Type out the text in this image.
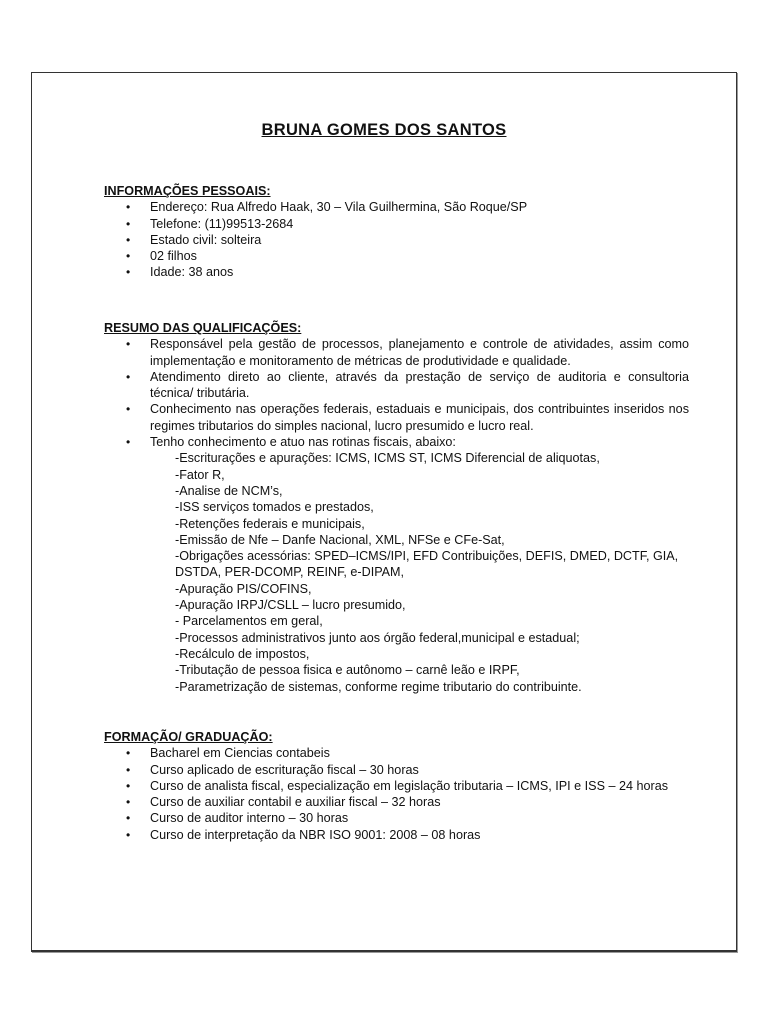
BRUNA GOMES DOS SANTOS

INFORMAÇÕES PESSOAIS:

• Endereço: Rua Alfredo Haak, 30 – Vila Guilhermina, São Roque/SP
• Telefone: (11)99513-2684
• Estado civil: solteira
• 02 filhos
• Idade: 38 anos

RESUMO DAS QUALIFICAÇÕES:

• Responsável pela gestão de processos, planejamento e controle de atividades, assim como implementação e monitoramento de métricas de produtividade e qualidade.
• Atendimento direto ao cliente, através da prestação de serviço de auditoria e consultoria técnica/ tributária.
• Conhecimento nas operações federais, estaduais e municipais, dos contribuintes inseridos nos regimes tributarios do simples nacional, lucro presumido e lucro real.
• Tenho conhecimento e atuo nas rotinas fiscais, abaixo:
-Escriturações e apurações: ICMS, ICMS ST, ICMS Diferencial de aliquotas,
-Fator R,
-Analise de NCM’s,
-ISS serviços tomados e prestados,
-Retenções federais e municipais,
-Emissão de Nfe – Danfe Nacional, XML, NFSe e CFe-Sat,
-Obrigações acessórias: SPED–ICMS/IPI, EFD Contribuições, DEFIS, DMED, DCTF, GIA, DSTDA, PER-DCOMP, REINF, e-DIPAM,
-Apuração PIS/COFINS,
-Apuração IRPJ/CSLL – lucro presumido,
- Parcelamentos em geral,
-Processos administrativos junto aos órgão federal,municipal e estadual;
-Recálculo de impostos,
-Tributação de pessoa fisica e autônomo – carnê leão e IRPF,
-Parametrização de sistemas, conforme regime tributario do contribuinte.

FORMAÇÃO/ GRADUAÇÃO:

• Bacharel em Ciencias contabeis
• Curso aplicado de escrituração fiscal – 30 horas
• Curso de analista fiscal, especialização em legislação tributaria – ICMS, IPI e ISS – 24 horas
• Curso de auxiliar contabil e auxiliar fiscal – 32 horas
• Curso de auditor interno – 30 horas
• Curso de interpretação da NBR ISO 9001: 2008 – 08 horas
